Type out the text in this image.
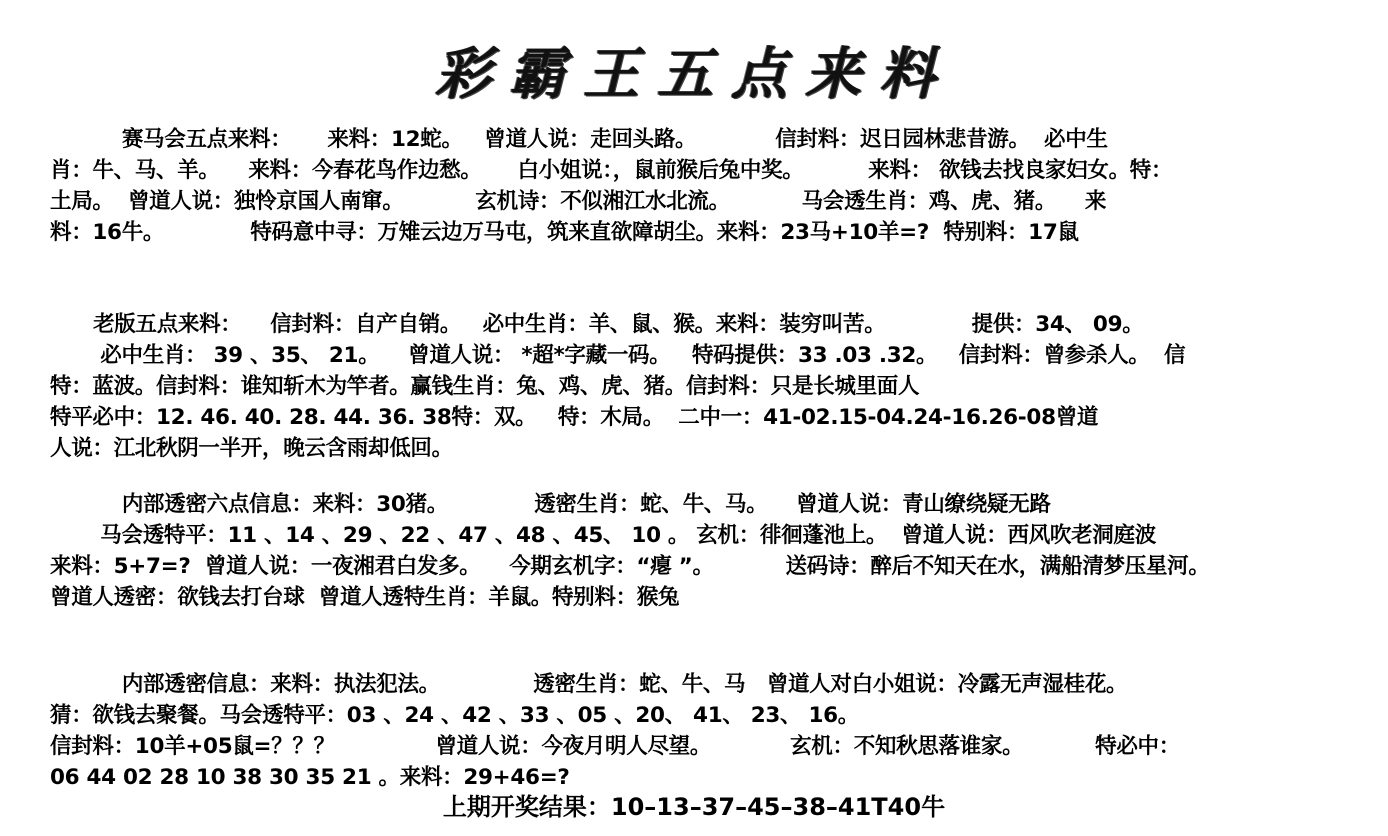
彩霸王五点来料
赛马会五点来料：     来料：12蛇。   曾道人说：走回头路。           信封料：迟日园林悲昔游。  必中生
肖：牛、马、羊。    来料：今春花鸟作边愁。     白小姐说：，鼠前猴后兔中奖。         来料： 欲钱去找良家妇女。特：
土局。  曾道人说：独怜京国人南窜。          玄机诗：不似湘江水北流。          马会透生肖：鸡、虎、猪。    来
料：16牛。            特码意中寻：万雉云边万马屯，筑来直欲障胡尘。来料：23马+10羊=?  特别料：17鼠
老版五点来料：    信封料：自产自销。   必中生肖：羊、鼠、猴。来料：装穷叫苦。            提供：34、 09。
必中生肖： 39 、35、 21。    曾道人说： *超*字藏一码。   特码提供：33 .03 .32。   信封料：曾参杀人。  信
特：蓝波。信封料：谁知斩木为竿者。赢钱生肖：兔、鸡、虎、猪。信封料：只是长城里面人
特平必中：12. 46. 40. 28. 44. 36. 38特：双。   特：木局。  二中一：41-02.15-04.24-16.26-08曾道
人说：江北秋阴一半开，晚云含雨却低回。
内部透密六点信息：来料：30猪。            透密生肖：蛇、牛、马。    曾道人说：青山缭绕疑无路
马会透特平：11 、14 、29 、22 、47 、48 、45、 10 。 玄机：徘徊蓬池上。  曾道人说：西风吹老洞庭波
来料：5+7=?  曾道人说：一夜湘君白发多。    今期玄机字：“瘪 ”。          送码诗：醉后不知天在水，满船清梦压星河。
曾道人透密：欲钱去打台球  曾道人透特生肖：羊鼠。特别料：猴兔
内部透密信息：来料：执法犯法。             透密生肖：蛇、牛、马   曾道人对白小姐说：冷露无声湿桂花。
猜：欲钱去聚餐。马会透特平：03 、24 、42 、33 、05 、20、 41、 23、 16。
信封料：10羊+05鼠=？？？              曾道人说：今夜月明人尽望。           玄机：不知秋思落谁家。          特必中：
06 44 02 28 10 38 30 35 21 。来料：29+46=?
上期开奖结果：10–13–37–45–38–41T40牛
